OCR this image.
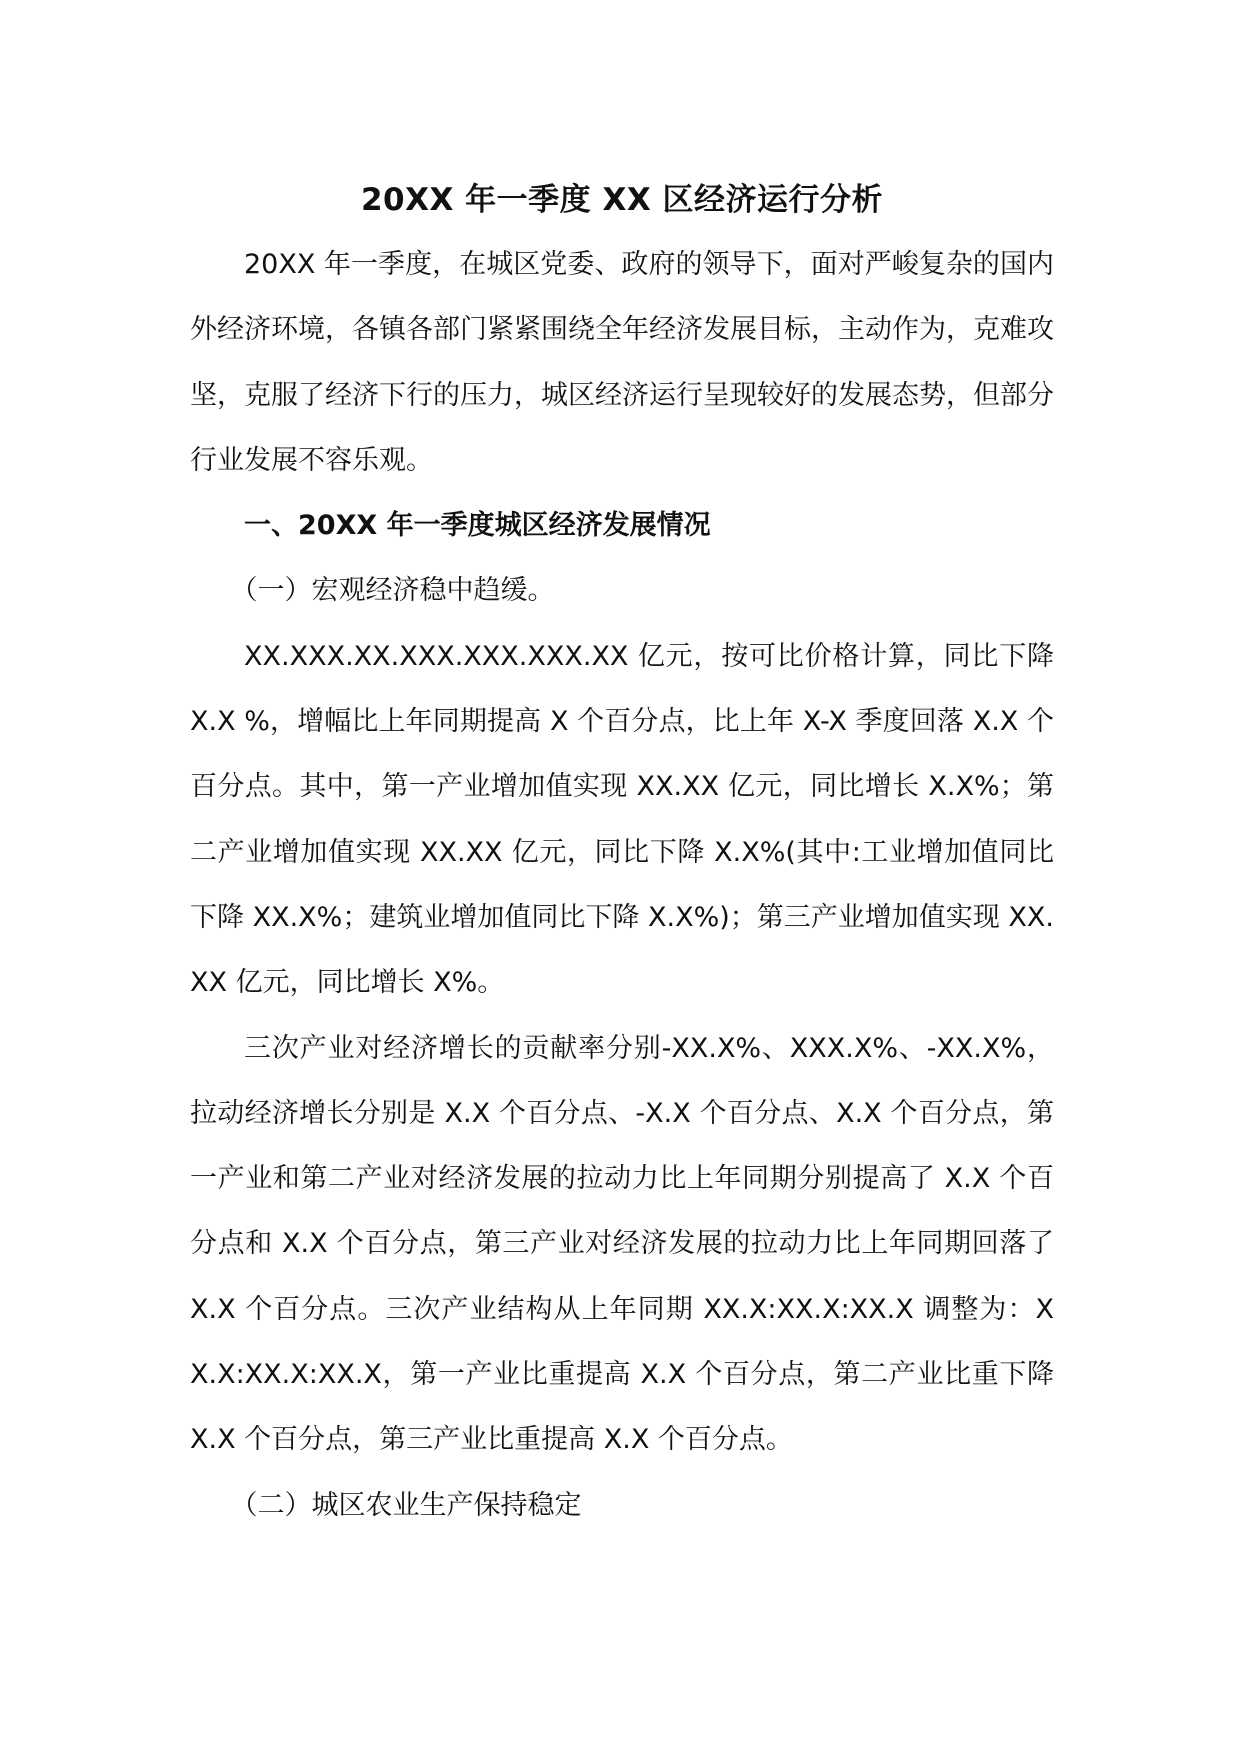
20XX 年一季度 XX 区经济运行分析

20XX 年一季度，在城区党委、政府的领导下，面对严峻复杂的国内外经济环境，各镇各部门紧紧围绕全年经济发展目标，主动作为，克难攻坚，克服了经济下行的压力，城区经济运行呈现较好的发展态势，但部分行业发展不容乐观。

一、20XX 年一季度城区经济发展情况

（一）宏观经济稳中趋缓。

XX.XXX.XX.XXX.XXX.XXX.XX 亿元，按可比价格计算，同比下降 X.X %，增幅比上年同期提高 X 个百分点，比上年 X-X 季度回落 X.X 个百分点。其中，第一产业增加值实现 XX.XX 亿元，同比增长 X.X%；第二产业增加值实现 XX.XX 亿元，同比下降 X.X%(其中:工业增加值同比下降 XX.X%；建筑业增加值同比下降 X.X%)；第三产业增加值实现 XX.XX 亿元，同比增长 X%。

三次产业对经济增长的贡献率分别-XX.X%、XXX.X%、-XX.X%，拉动经济增长分别是 X.X 个百分点、-X.X 个百分点、X.X 个百分点，第一产业和第二产业对经济发展的拉动力比上年同期分别提高了 X.X 个百分点和 X.X 个百分点，第三产业对经济发展的拉动力比上年同期回落了 X.X 个百分点。三次产业结构从上年同期 XX.X:XX.X:XX.X 调整为：XX.X:XX.X:XX.X，第一产业比重提高 X.X 个百分点，第二产业比重下降 X.X 个百分点，第三产业比重提高 X.X 个百分点。

（二）城区农业生产保持稳定
